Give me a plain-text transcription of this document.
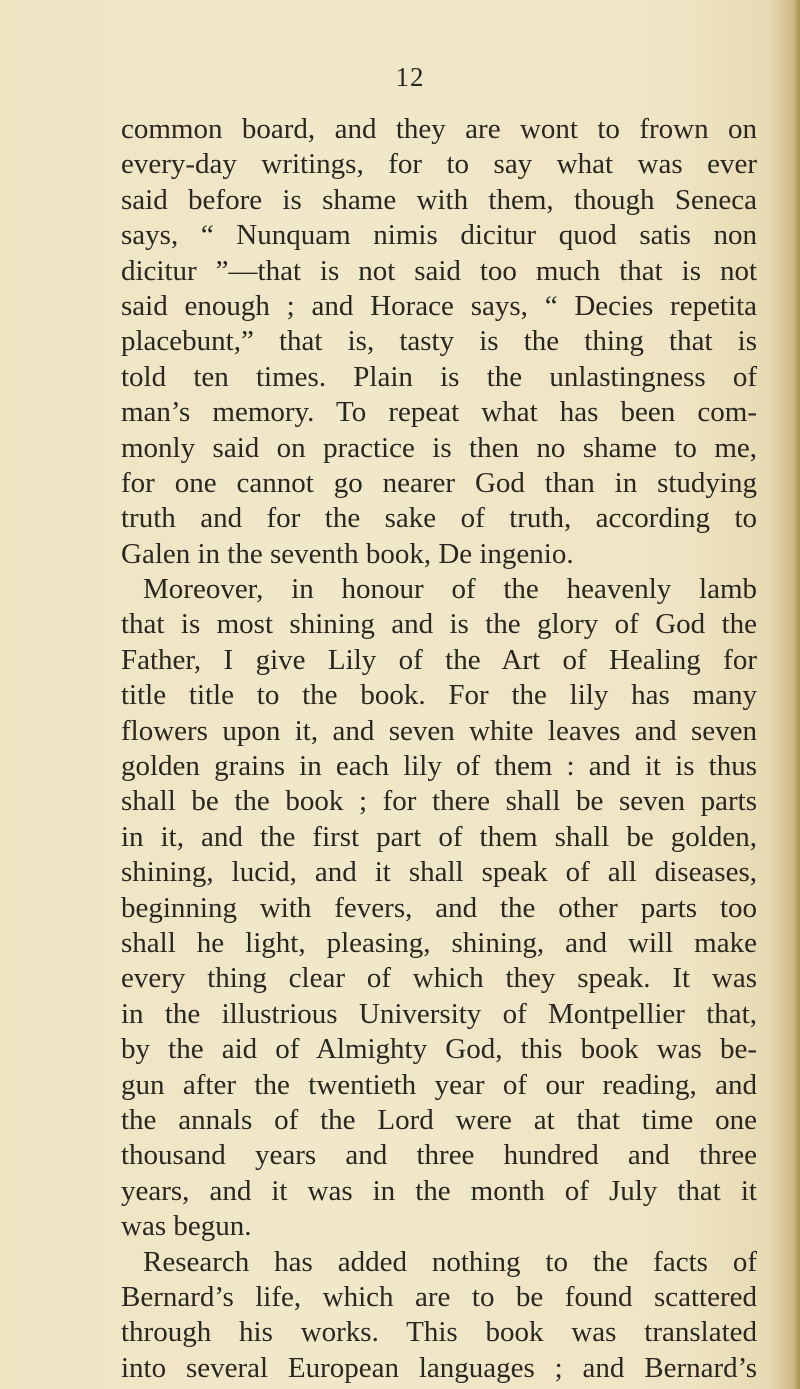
12
common board, and they are wont to frown on
every-day writings, for to say what was ever
said before is shame with them, though Seneca
says, “ Nunquam nimis dicitur quod satis non
dicitur ”—that is not said too much that is not
said enough ; and Horace says, “ Decies repetita
placebunt,” that is, tasty is the thing that is
told ten times. Plain is the unlastingness of
man’s memory. To repeat what has been com-
monly said on practice is then no shame to me,
for one cannot go nearer God than in studying
truth and for the sake of truth, according to
Galen in the seventh book, De ingenio.
Moreover, in honour of the heavenly lamb
that is most shining and is the glory of God the
Father, I give Lily of the Art of Healing for
title title to the book. For the lily has many
flowers upon it, and seven white leaves and seven
golden grains in each lily of them : and it is thus
shall be the book ; for there shall be seven parts
in it, and the first part of them shall be golden,
shining, lucid, and it shall speak of all diseases,
beginning with fevers, and the other parts too
shall he light, pleasing, shining, and will make
every thing clear of which they speak. It was
in the illustrious University of Montpellier that,
by the aid of Almighty God, this book was be-
gun after the twentieth year of our reading, and
the annals of the Lord were at that time one
thousand years and three hundred and three
years, and it was in the month of July that it
was begun.
Research has added nothing to the facts of
Bernard’s life, which are to be found scattered
through his works. This book was translated
into several European languages ; and Bernard’s
